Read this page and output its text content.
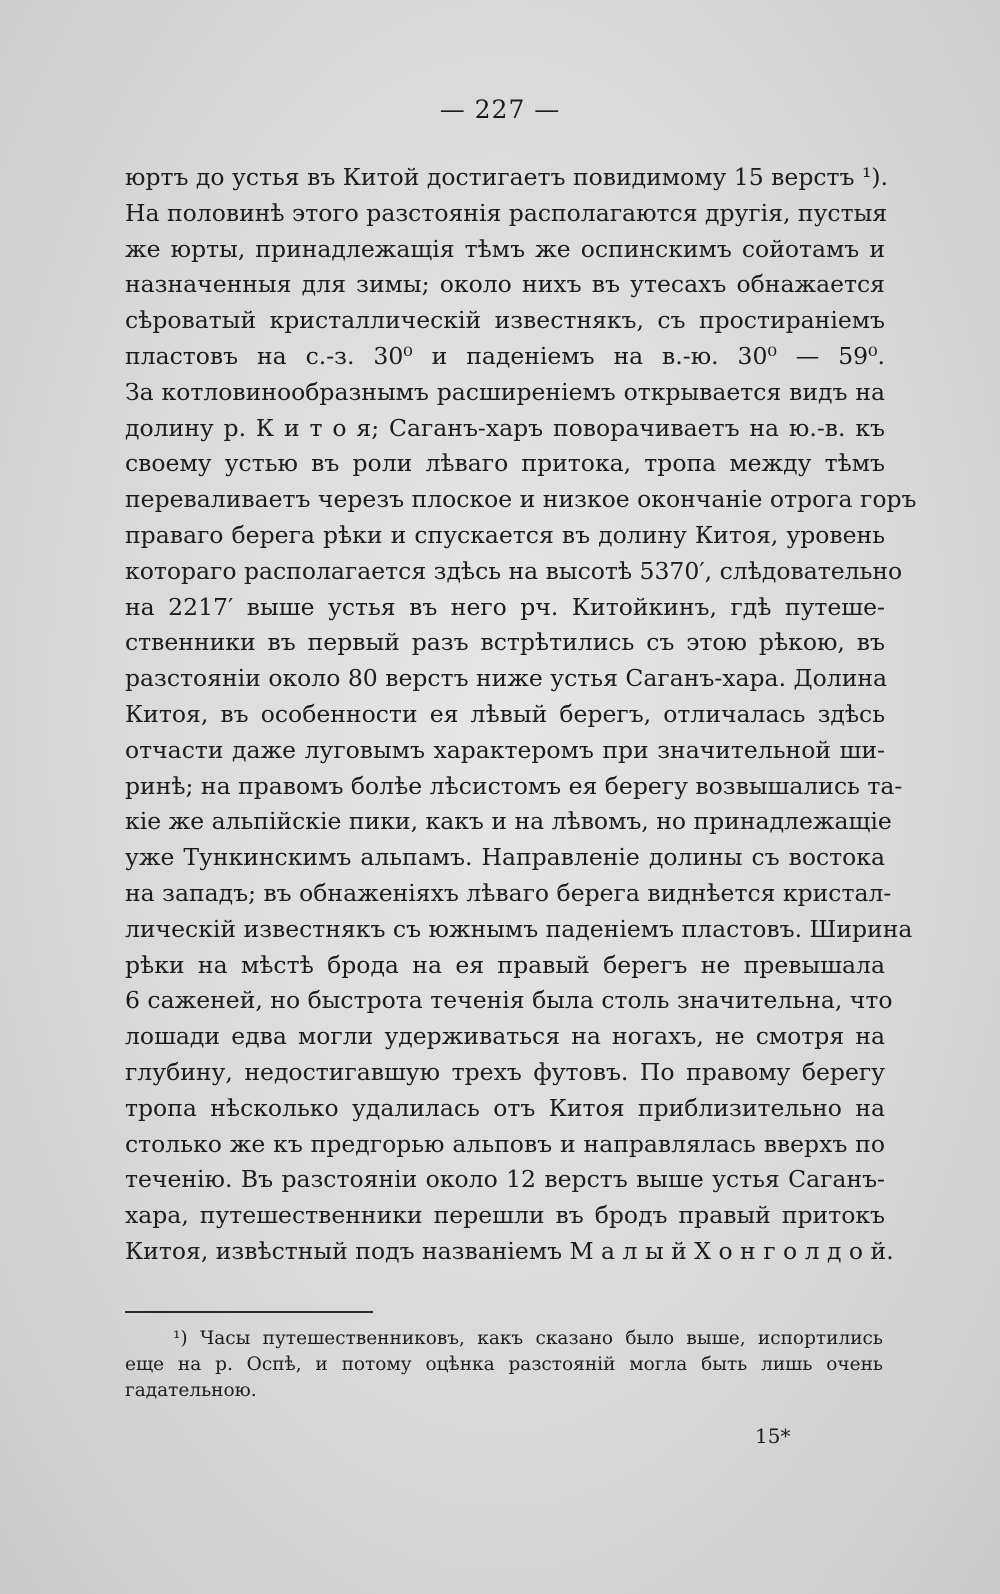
— 227 —
юртъ до устья въ Китой достигаетъ повидимому 15 верстъ ¹).
На половинѣ этого разстоянія располагаются другія, пустыя
же юрты, принадлежащія тѣмъ же оспинскимъ сойотамъ и
назначенныя для зимы; около нихъ въ утесахъ обнажается
сѣроватый кристаллическій известнякъ, съ простираніемъ
пластовъ на с.-з. 30⁰ и паденіемъ на в.-ю. 30⁰ — 59⁰.
За котловинообразнымъ расширеніемъ открывается видъ на
долину р. К и т о я; Саганъ-харъ поворачиваетъ на ю.-в. къ
своему устью въ роли лѣваго притока, тропа между тѣмъ
переваливаетъ черезъ плоское и низкое окончаніе отрога горъ
праваго берега рѣки и спускается въ долину Китоя, уровень
котораго располагается здѣсь на высотѣ 5370′, слѣдовательно
на 2217′ выше устья въ него рч. Китойкинъ, гдѣ путеше-
ственники въ первый разъ встрѣтились съ этою рѣкою, въ
разстояніи около 80 верстъ ниже устья Саганъ-хара. Долина
Китоя, въ особенности ея лѣвый берегъ, отличалась здѣсь
отчасти даже луговымъ характеромъ при значительной ши-
ринѣ; на правомъ болѣе лѣсистомъ ея берегу возвышались та-
кіе же альпійскіе пики, какъ и на лѣвомъ, но принадлежащіе
уже Тункинскимъ альпамъ. Направленіе долины съ востока
на западъ; въ обнаженіяхъ лѣваго берега виднѣется кристал-
лическій известнякъ съ южнымъ паденіемъ пластовъ. Ширина
рѣки на мѣстѣ брода на ея правый берегъ не превышала
6 саженей, но быстрота теченія была столь значительна, что
лошади едва могли удерживаться на ногахъ, не смотря на
глубину, недостигавшую трехъ футовъ. По правому берегу
тропа нѣсколько удалилась отъ Китоя приблизительно на
столько же къ предгорью альповъ и направлялась вверхъ по
теченію. Въ разстояніи около 12 верстъ выше устья Саганъ-
хара, путешественники перешли въ бродъ правый притокъ
Китоя, извѣстный подъ названіемъ М а л ы й Х о н г о л д о й.
¹) Часы путешественниковъ, какъ сказано было выше, испортились
еще на р. Оспѣ, и потому оцѣнка разстояній могла быть лишь очень
гадательною.
15*
